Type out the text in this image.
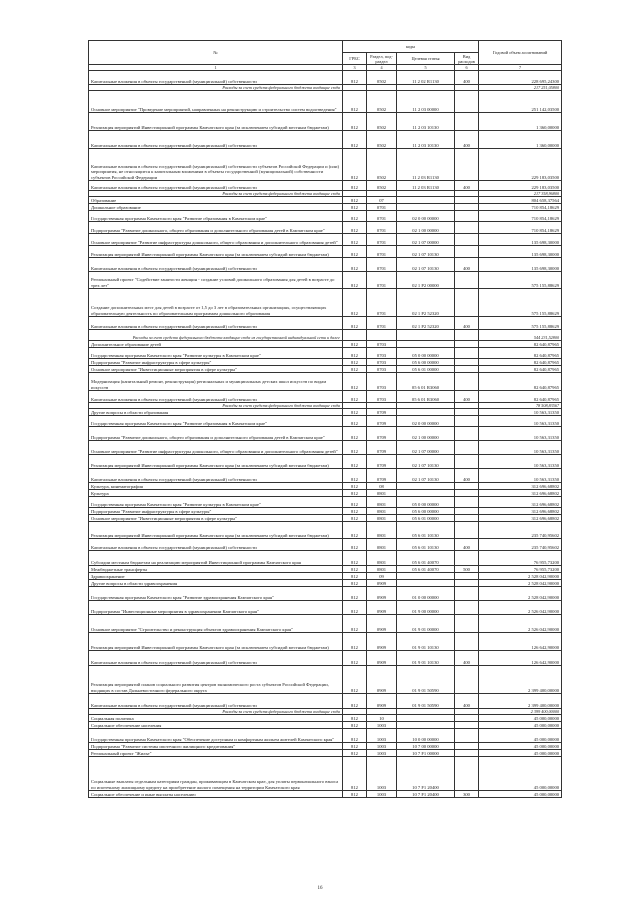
№	коды				Годовой объем ассигнований
	ГРБС	Раздел, под-раздел	Целевая статья	Вид расходов	
1	3	4	5	6	7
Капитальные вложения в объекты государственной (муниципальной) собственности	812	0502	11 2 02 R1130	400	228 695,24300
Расходы за счет средств федерального бюджета входящие сюда					217 251,05800
Основное мероприятие "Проведение мероприятий, направленных на реконструкцию и строительство систем водоотведения"	812	0502	11 2 03 00000		251 142,03500
Реализация мероприятий Инвестиционной программы Камчатского края (за исключением субсидий местным бюджетам)	812	0502	11 2 03 10130		1 360,00000
Капитальные вложения в объекты государственной (муниципальной) собственности	812	0502	11 2 03 10130	400	1 360,00000
Капитальные вложения в объекты государственной (муниципальной) собственности субъектов Российской Федерации и (или) мероприятия, не относящиеся к капитальным вложениям в объекты государственной (муниципальной) собственности субъектов Российской Федерации	812	0502	11 2 03 R1130		229 183,03500
Капитальные вложения в объекты государственной (муниципальной) собственности	812	0502	11 2 03 R1130	400	229 183,03500
Расходы за счет средств федерального бюджета входящие сюда					217 358,96800
Образование	812	07			804 658,37564
Дошкольное образование	812	0701			710 854,18629
Государственная программа Камчатского края "Развитие образования в Камчатском крае"	812	0701	02 0 00 00000		710 854,18629
Подпрограмма "Развитие дошкольного, общего образования и дополнительного образования детей в Камчатском крае"	812	0701	02 1 00 00000		710 854,18629
Основное мероприятие "Развитие инфраструктуры дошкольного, общего образования и дополнительного образования детей"	812	0701	02 1 07 00000		135 698,30000
Реализация мероприятий Инвестиционной программы Камчатского края (за исключением субсидий местным бюджетам)	812	0701	02 1 07 10130		135 698,30000
Капитальные вложения в объекты государственной (муниципальной) собственности	812	0701	02 1 07 10130	400	135 698,30000
Региональный проект "Содействие занятости женщин - создание условий дошкольного образования для детей в возрасте до трех лет"	812	0701	02 1 P2 00000		575 155,88629
Создание дополнительных мест для детей в возрасте от 1,5 до 3 лет в образовательных организациях, осуществляющих образовательную деятельность по образовательным программам дошкольного образования	812	0701	02 1 P2 52320		575 155,88629
Капитальные вложения в объекты государственной (муниципальной) собственности	812	0701	02 1 P2 52320	400	575 155,88629
Расходы за счет средств федерального бюджета входящие сюда из государственной индивидуальной сети и далее					544 231,52800
Дополнительное образование детей	812	0703			82 640,87965
Государственная программа Камчатского края "Развитие культуры в Камчатском крае"	812	0703	05 0 00 00000		82 640,87965
Подпрограмма "Развитие инфраструктуры в сфере культуры"	812	0703	05 6 00 00000		82 640,87965
Основное мероприятие "Инвестиционные мероприятия в сфере культуры"	812	0703	05 6 01 00000		82 640,87965
Модернизация (капитальный ремонт, реконструкция) региональных и муниципальных детских школ искусств по видам искусств	812	0703	05 6 01 R3060		82 640,87965
Капитальные вложения в объекты государственной (муниципальной) собственности	812	0703	05 6 01 R3060	400	82 640,87965
Расходы за счет средств федерального бюджета входящие сюда					78 508,83567
Другие вопросы в области образования	812	0709			10 563,31350
Государственная программа Камчатского края "Развитие образования в Камчатском крае"	812	0709	02 0 00 00000		10 563,31350
Подпрограмма "Развитие дошкольного, общего образования и дополнительного образования детей в Камчатском крае"	812	0709	02 1 00 00000		10 563,31350
Основное мероприятие "Развитие инфраструктуры дошкольного, общего образования и дополнительного образования детей"	812	0709	02 1 07 00000		10 563,31350
Реализация мероприятий Инвестиционной программы Камчатского края (за исключением субсидий местным бюджетам)	812	0709	02 1 07 10130		10 563,31350
Капитальные вложения в объекты государственной (муниципальной) собственности	812	0709	02 1 07 10130	400	10 563,31350
Культура, кинематография	812	08			312 696,68802
Культура	812	0801			312 696,68802
Государственная программа Камчатского края "Развитие культуры в Камчатском крае"	812	0801	05 0 00 00000		312 696,68802
Подпрограмма "Развитие инфраструктуры в сфере культуры"	812	0801	05 6 00 00000		312 696,68802
Основное мероприятие "Инвестиционные мероприятия в сфере культуры"	812	0801	05 6 01 00000		312 696,68802
Реализация мероприятий Инвестиционной программы Камчатского края (за исключением субсидий местным бюджетам)	812	0801	05 6 01 10130		235 740,95602
Капитальные вложения в объекты государственной (муниципальной) собственности	812	0801	05 6 01 10130	400	235 740,95602
Субсидии местным бюджетам на реализацию мероприятий Инвестиционной программы Камчатского края	812	0801	05 6 01 40070		76 955,73200
Межбюджетные трансферты	812	0801	05 6 01 40070	500	76 955,73200
Здравоохранение	812	09			2 528 042,90000
Другие вопросы в области здравоохранения	812	0909			2 528 042,90000
Государственная программа Камчатского края "Развитие здравоохранения Камчатского края"	812	0909	01 0 00 00000		2 528 042,90000
Подпрограмма "Инвестиционные мероприятия в здравоохранении Камчатского края"	812	0909	01 9 00 00000		2 526 042,90000
Основное мероприятие "Строительство и реконструкция объектов здравоохранения Камчатского края"	812	0909	01 9 01 00000		2 526 042,90000
Реализация мероприятий Инвестиционной программы Камчатского края (за исключением субсидий местным бюджетам)	812	0909	01 9 01 10130		126 642,90000
Капитальные вложения в объекты государственной (муниципальной) собственности	812	0909	01 9 01 10130	400	126 642,90000
Реализация мероприятий планов социального развития центров экономического роста субъектов Российской Федерации, входящих в состав Дальневосточного федерального округа	812	0909	01 9 01 50590		2 399 400,00000
Капитальные вложения в объекты государственной (муниципальной) собственности	812	0909	01 9 01 50590	400	2 399 400,00000
Расходы за счет средств федерального бюджета входящие сюда					2 399 400,00000
Социальная политика	812	10			45 000,00000
Социальное обеспечение населения	812	1003			45 000,00000
Государственная программа Камчатского края "Обеспечение доступным и комфортным жильем жителей Камчатского края"	812	1003	10 0 00 00000		45 000,00000
Подпрограмма "Развитие системы ипотечного жилищного кредитования"	812	1003	10 7 00 00000		45 000,00000
Региональный проект "Жилье"	812	1003	10 7 F1 00000		45 000,00000
Социальные выплаты отдельным категориям граждан, проживающим в Камчатском крае, для уплаты первоначального взноса по ипотечному жилищному кредиту на приобретение жилого помещения на территории Камчатского края	812	1003	10 7 F1 20400		45 000,00000
Социальное обеспечение и иные выплаты населению	812	1003	10 7 F1 20400	300	45 000,00000
16
